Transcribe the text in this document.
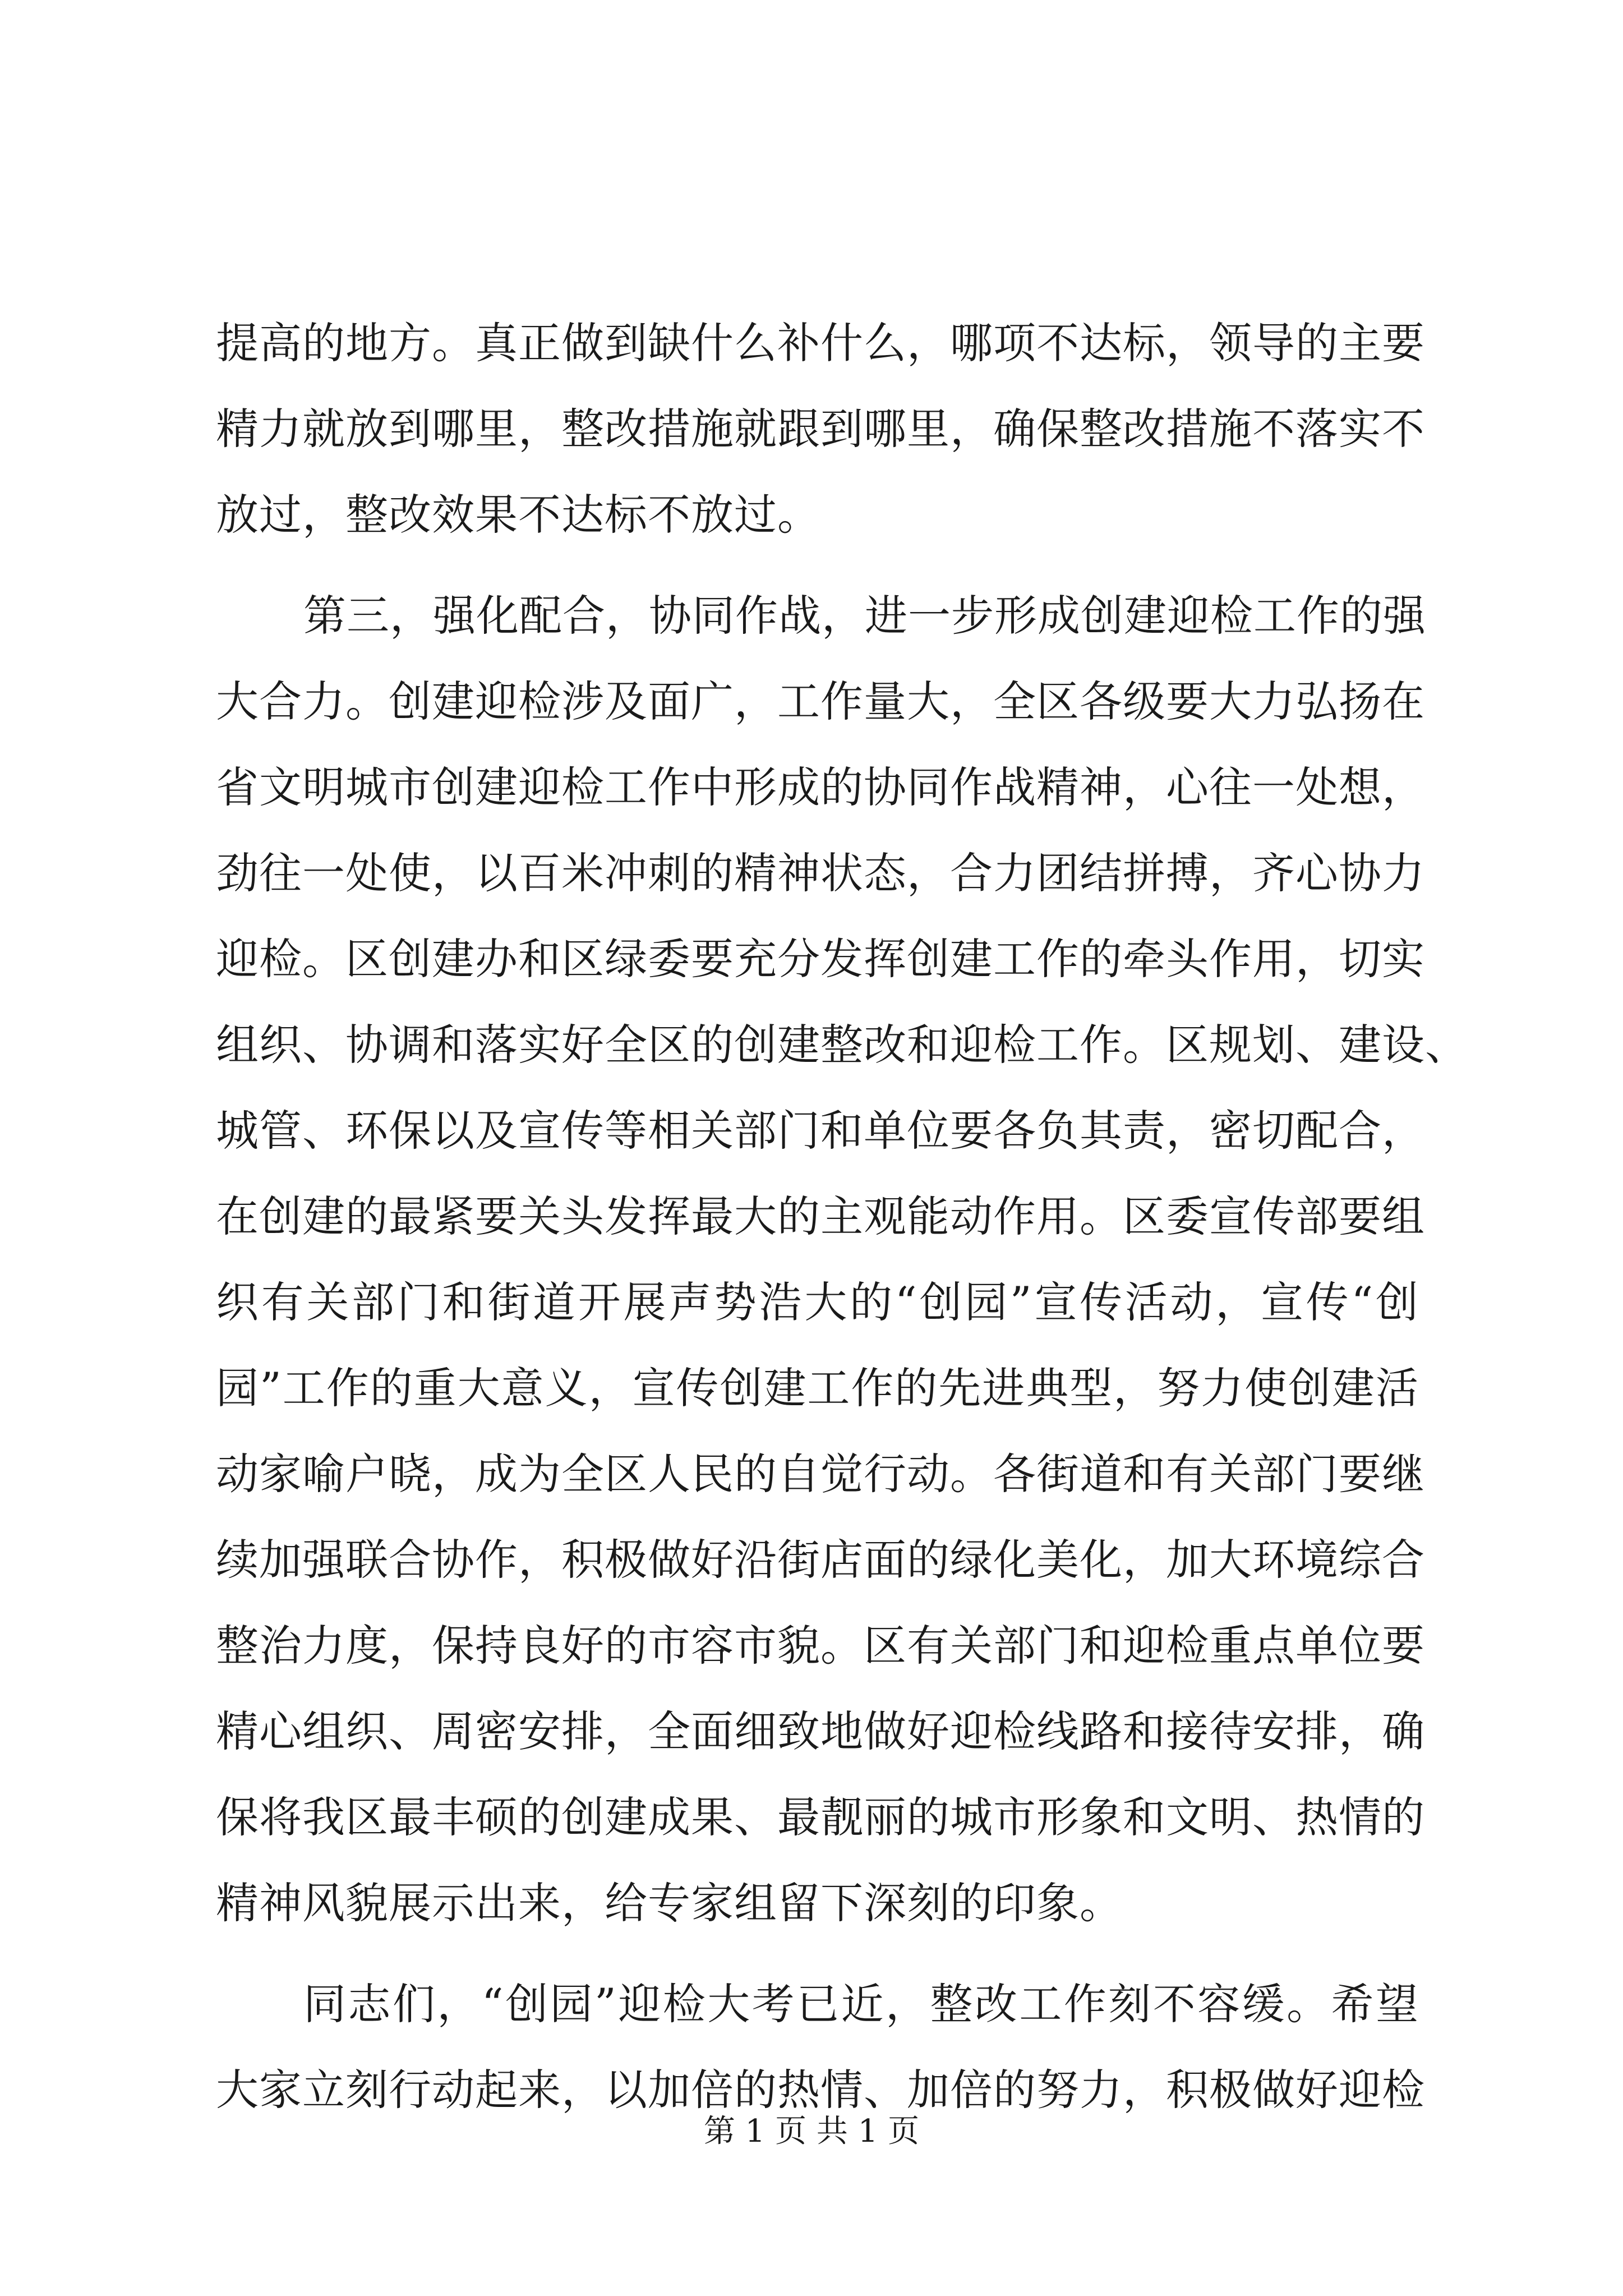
提高的地方。真正做到缺什么补什么，哪项不达标，领导的主要
精力就放到哪里，整改措施就跟到哪里，确保整改措施不落实不
放过，整改效果不达标不放过。
第三，强化配合，协同作战，进一步形成创建迎检工作的强
大合力。创建迎检涉及面广，工作量大，全区各级要大力弘扬在
省文明城市创建迎检工作中形成的协同作战精神，心往一处想，
劲往一处使，以百米冲刺的精神状态，合力团结拼搏，齐心协力
迎检。区创建办和区绿委要充分发挥创建工作的牵头作用，切实
组织、协调和落实好全区的创建整改和迎检工作。区规划、建设、
城管、环保以及宣传等相关部门和单位要各负其责，密切配合，
在创建的最紧要关头发挥最大的主观能动作用。区委宣传部要组
织有关部门和街道开展声势浩大的“创园”宣传活动，宣传“创
园”工作的重大意义，宣传创建工作的先进典型，努力使创建活
动家喻户晓，成为全区人民的自觉行动。各街道和有关部门要继
续加强联合协作，积极做好沿街店面的绿化美化，加大环境综合
整治力度，保持良好的市容市貌。区有关部门和迎检重点单位要
精心组织、周密安排，全面细致地做好迎检线路和接待安排，确
保将我区最丰硕的创建成果、最靓丽的城市形象和文明、热情的
精神风貌展示出来，给专家组留下深刻的印象。
同志们，“创园”迎检大考已近，整改工作刻不容缓。希望
大家立刻行动起来，以加倍的热情、加倍的努力，积极做好迎检
第 1 页 共 1 页
